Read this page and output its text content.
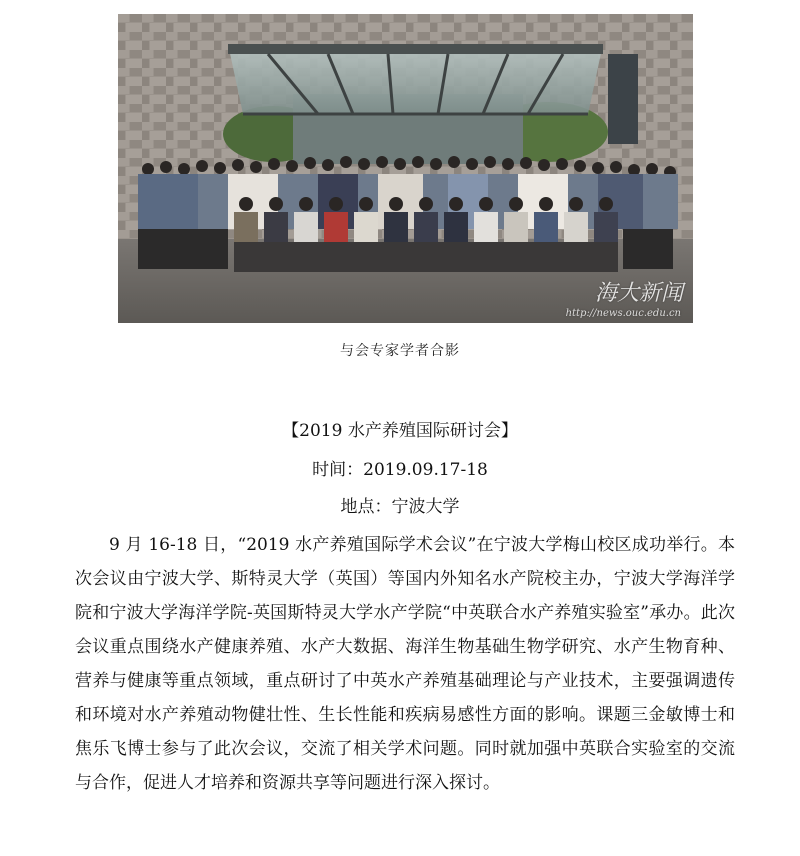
海大新闻
http://news.ouc.edu.cn
与会专家学者合影
【2019 水产养殖国际研讨会】
时间：2019.09.17-18
地点：宁波大学

9 月 16-18 日，“2019 水产养殖国际学术会议”在宁波大学梅山校区成功举行。本次会议由宁波大学、斯特灵大学（英国）等国内外知名水产院校主办，宁波大学海洋学院和宁波大学海洋学院-英国斯特灵大学水产学院“中英联合水产养殖实验室”承办。此次会议重点围绕水产健康养殖、水产大数据、海洋生物基础生物学研究、水产生物育种、营养与健康等重点领域，重点研讨了中英水产养殖基础理论与产业技术，主要强调遗传和环境对水产养殖动物健壮性、生长性能和疾病易感性方面的影响。课题三金敏博士和焦乐飞博士参与了此次会议，交流了相关学术问题。同时就加强中英联合实验室的交流与合作，促进人才培养和资源共享等问题进行深入探讨。
